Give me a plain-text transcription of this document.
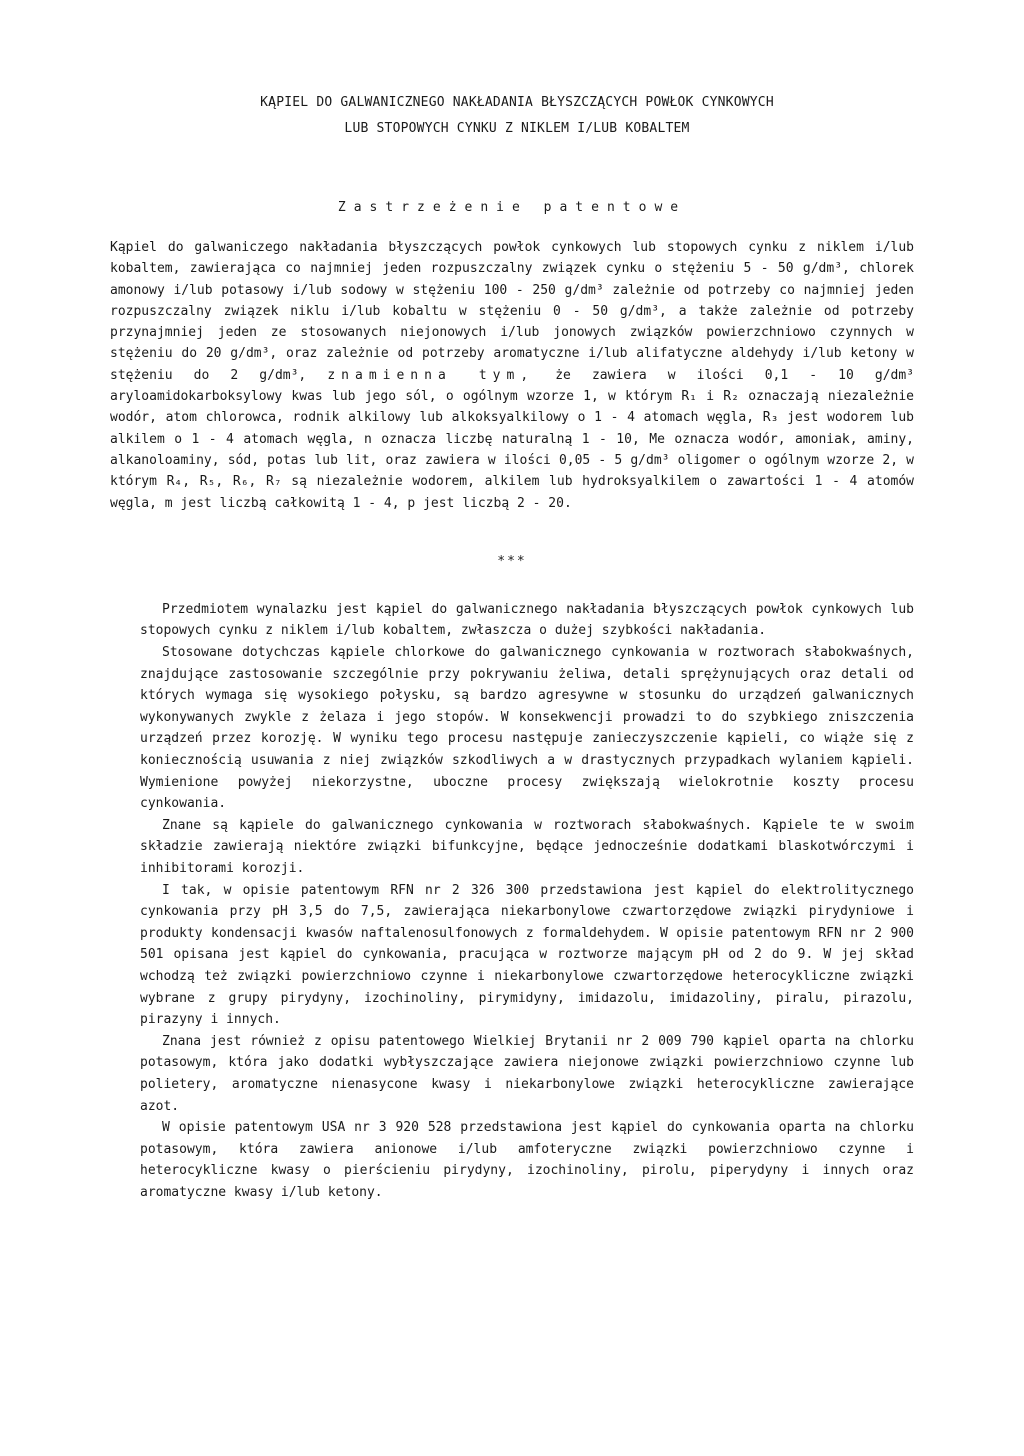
KĄPIEL DO GALWANICZNEGO NAKŁADANIA BŁYSZCZĄCYCH POWŁOK CYNKOWYCH
LUB STOPOWYCH CYNKU Z NIKLEM I/LUB KOBALTEM
Zastrzeżenie patentowe

Kąpiel do galwaniczego nakładania błyszczących powłok cynkowych lub stopowych cynku z niklem i/lub kobaltem, zawierająca co najmniej jeden rozpuszczalny związek cynku o stężeniu 5 - 50 g/dm³, chlorek amonowy i/lub potasowy i/lub sodowy w stężeniu 100 - 250 g/dm³ zależnie od potrzeby co najmniej jeden rozpuszczalny związek niklu i/lub kobaltu w stężeniu 0 - 50 g/dm³, a także zależnie od potrzeby przynajmniej jeden ze stosowanych niejonowych i/lub jonowych związków powierzchniowo czynnych w stężeniu do 20 g/dm³, oraz zależnie od potrzeby aromatyczne i/lub alifatyczne aldehydy i/lub ketony w stężeniu do 2 g/dm³, znamienna tym, że zawiera w ilości 0,1 - 10 g/dm³ aryloamidokarboksylowy kwas lub jego sól, o ogólnym wzorze 1, w którym R₁ i R₂ oznaczają niezależnie wodór, atom chlorowca, rodnik alkilowy lub alkoksyalkilowy o 1 - 4 atomach węgla, R₃ jest wodorem lub alkilem o 1 - 4 atomach węgla, n oznacza liczbę naturalną 1 - 10, Me oznacza wodór, amoniak, aminy, alkanoloaminy, sód, potas lub lit, oraz zawiera w ilości 0,05 - 5 g/dm³ oligomer o ogólnym wzorze 2, w którym R₄, R₅, R₆, R₇ są niezależnie wodorem, alkilem lub hydroksyalkilem o zawartości 1 - 4 atomów węgla, m jest liczbą całkowitą 1 - 4, p jest liczbą 2 - 20.

***

Przedmiotem wynalazku jest kąpiel do galwanicznego nakładania błyszczących powłok cynkowych lub stopowych cynku z niklem i/lub kobaltem, zwłaszcza o dużej szybkości nakładania.

Stosowane dotychczas kąpiele chlorkowe do galwanicznego cynkowania w roztworach słabokwaśnych, znajdujące zastosowanie szczególnie przy pokrywaniu żeliwa, detali sprężynujących oraz detali od których wymaga się wysokiego połysku, są bardzo agresywne w stosunku do urządzeń galwanicznych wykonywanych zwykle z żelaza i jego stopów. W konsekwencji prowadzi to do szybkiego zniszczenia urządzeń przez korozję. W wyniku tego procesu następuje zanieczyszczenie kąpieli, co wiąże się z koniecznością usuwania z niej związków szkodliwych a w drastycznych przypadkach wylaniem kąpieli. Wymienione powyżej niekorzystne, uboczne procesy zwiększają wielokrotnie koszty procesu cynkowania.

Znane są kąpiele do galwanicznego cynkowania w roztworach słabokwaśnych. Kąpiele te w swoim składzie zawierają niektóre związki bifunkcyjne, będące jednocześnie dodatkami blaskotwórczymi i inhibitorami korozji.

I tak, w opisie patentowym RFN nr 2 326 300 przedstawiona jest kąpiel do elektrolitycznego cynkowania przy pH 3,5 do 7,5, zawierająca niekarbonylowe czwartorzędowe związki pirydyniowe i produkty kondensacji kwasów naftalenosulfonowych z formaldehydem. W opisie patentowym RFN nr 2 900 501 opisana jest kąpiel do cynkowania, pracująca w roztworze mającym pH od 2 do 9. W jej skład wchodzą też związki powierzchniowo czynne i niekarbonylowe czwartorzędowe heterocykliczne związki wybrane z grupy pirydyny, izochinoliny, pirymidyny, imidazolu, imidazoliny, piralu, pirazolu, pirazyny i innych.

Znana jest również z opisu patentowego Wielkiej Brytanii nr 2 009 790 kąpiel oparta na chlorku potasowym, która jako dodatki wybłyszczające zawiera niejonowe związki powierzchniowo czynne lub polietery, aromatyczne nienasycone kwasy i niekarbonylowe związki heterocykliczne zawierające azot.

W opisie patentowym USA nr 3 920 528 przedstawiona jest kąpiel do cynkowania oparta na chlorku potasowym, która zawiera anionowe i/lub amfoteryczne związki powierzchniowo czynne i heterocykliczne kwasy o pierścieniu pirydyny, izochinoliny, pirolu, piperydyny i innych oraz aromatyczne kwasy i/lub ketony.
